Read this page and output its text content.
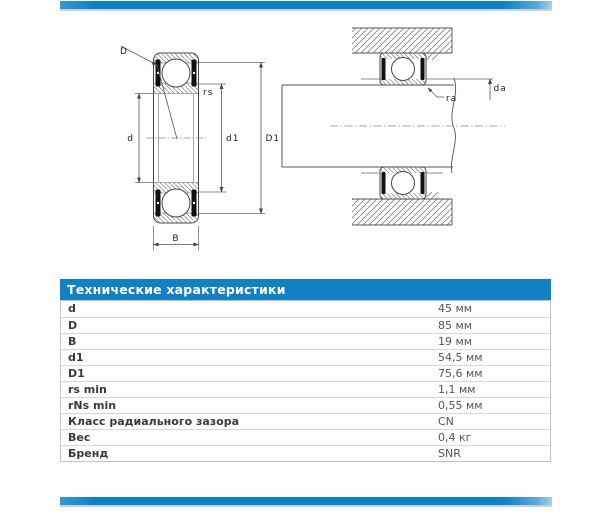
D
rs
d	d1	D1
B
ra
da
Технические характеристики
d	45 мм
D	85 мм
B	19 мм
d1	54,5 мм
D1	75,6 мм
rs min	1,1 мм
rNs min	0,55 мм
Класс радиального зазора	CN
Вес	0,4 кг
Бренд	SNR
